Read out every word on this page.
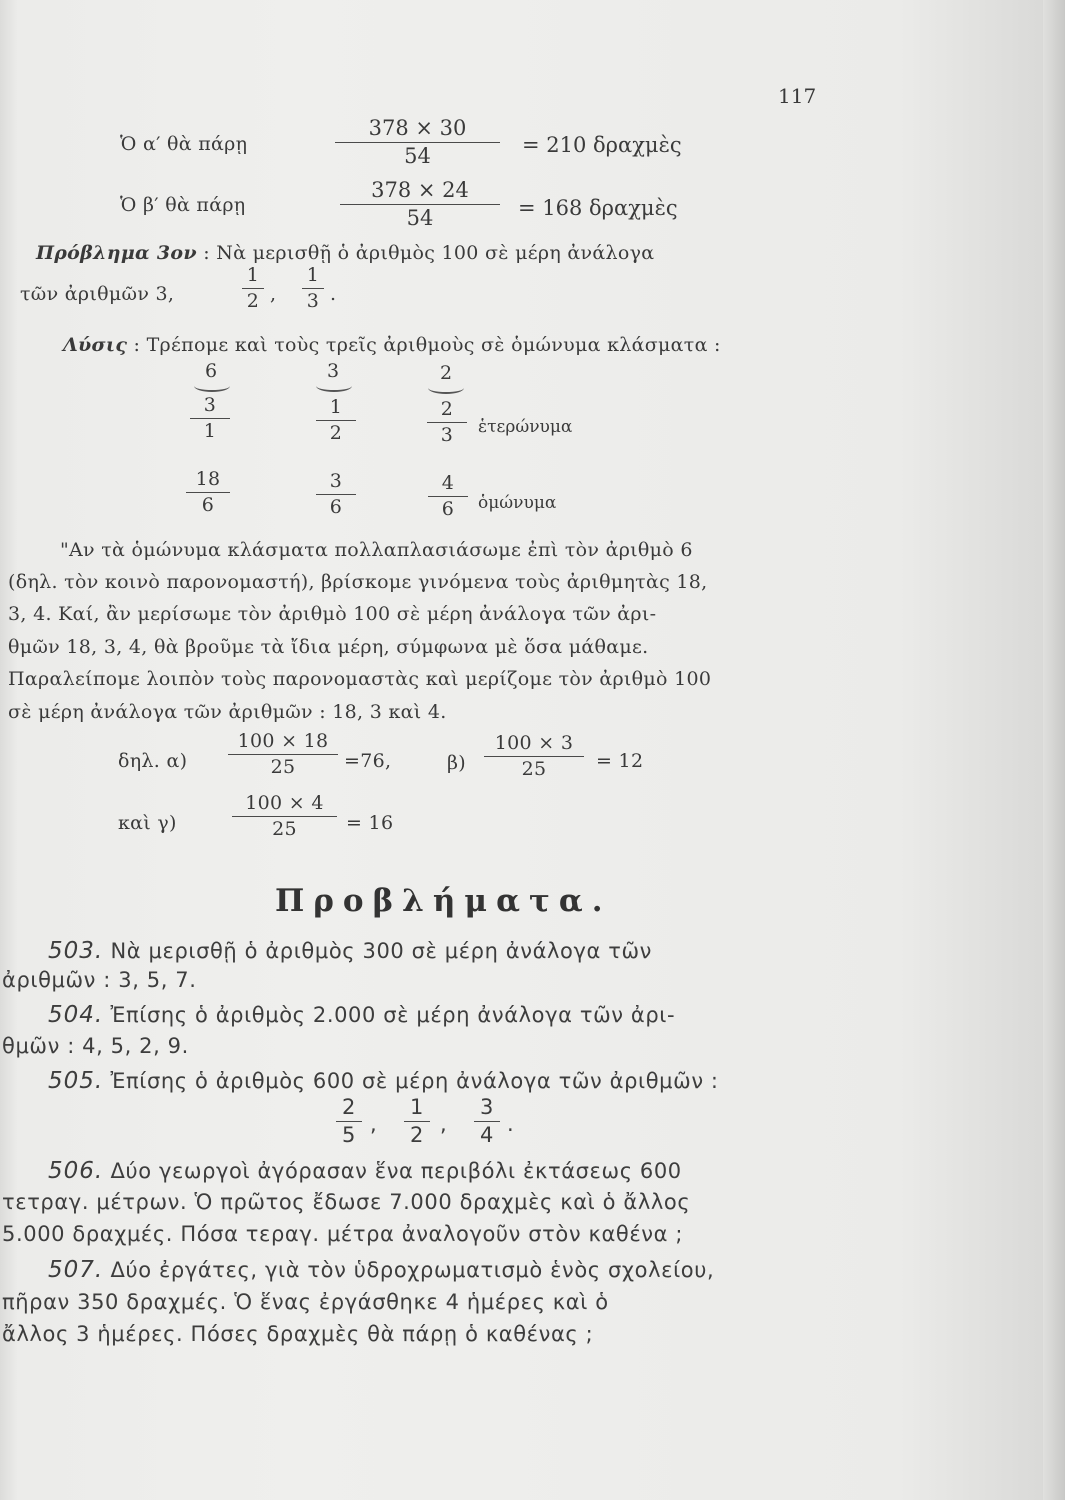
117
Ὁ α′ θὰ πάρῃ
378 × 30
54	= 210 δραχμὲς
Ὁ β′ θὰ πάρῃ
378 × 24
54	= 168 δραχμὲς
Πρόβλημα 3ον : Νὰ μερισθῇ ὁ ἀριθμὸς 100 σὲ μέρη ἀνάλογα
τῶν ἀριθμῶν 3,
1
2 ,
1
3 .
Λύσις : Τρέπομε καὶ τοὺς τρεῖς ἀριθμοὺς σὲ ὁμώνυμα κλάσματα :
6	3	2
3
1
1
2
2
3	ἑτερώνυμα
18
6
3
6
4
6	ὁμώνυμα
"Αν τὰ ὁμώνυμα κλάσματα πολλαπλασιάσωμε ἐπὶ τὸν ἀριθμὸ 6
(δηλ. τὸν κοινὸ παρονομαστή), βρίσκομε γινόμενα τοὺς ἀριθμητὰς 18,
3, 4. Καί, ἂν μερίσωμε τὸν ἀριθμὸ 100 σὲ μέρη ἀνάλογα τῶν ἀρι-
θμῶν 18, 3, 4, θὰ βροῦμε τὰ ἴδια μέρη, σύμφωνα μὲ ὅσα μάθαμε.
Παραλείπομε λοιπὸν τοὺς παρονομαστὰς καὶ μερίζομε τὸν ἀριθμὸ 100
σὲ μέρη ἀνάλογα τῶν ἀριθμῶν : 18, 3 καὶ 4.
δηλ. α)
100 × 18
25	=76,	β)
100 × 3
25	= 12
καὶ γ)
100 × 4
25	= 16
Προβλήματα.
503. Νὰ μερισθῇ ὁ ἀριθμὸς 300 σὲ μέρη ἀνάλογα τῶν
ἀριθμῶν : 3, 5, 7.
504. Ἐπίσης ὁ ἀριθμὸς 2.000 σὲ μέρη ἀνάλογα τῶν ἀρι-
θμῶν : 4, 5, 2, 9.
505. Ἐπίσης ὁ ἀριθμὸς 600 σὲ μέρη ἀνάλογα τῶν ἀριθμῶν :
2
5 ,
1
2 ,
3
4 .
506. Δύο γεωργοὶ ἀγόρασαν ἕνα περιβόλι ἐκτάσεως 600
τετραγ. μέτρων. Ὁ πρῶτος ἔδωσε 7.000 δραχμὲς καὶ ὁ ἄλλος
5.000 δραχμές. Πόσα τεραγ. μέτρα ἀναλογοῦν στὸν καθένα ;
507. Δύο ἐργάτες, γιὰ τὸν ὑδροχρωματισμὸ ἑνὸς σχολείου,
πῆραν 350 δραχμές. Ὁ ἕνας ἐργάσθηκε 4 ἡμέρες καὶ ὁ
ἄλλος 3 ἡμέρες. Πόσες δραχμὲς θὰ πάρῃ ὁ καθένας ;
